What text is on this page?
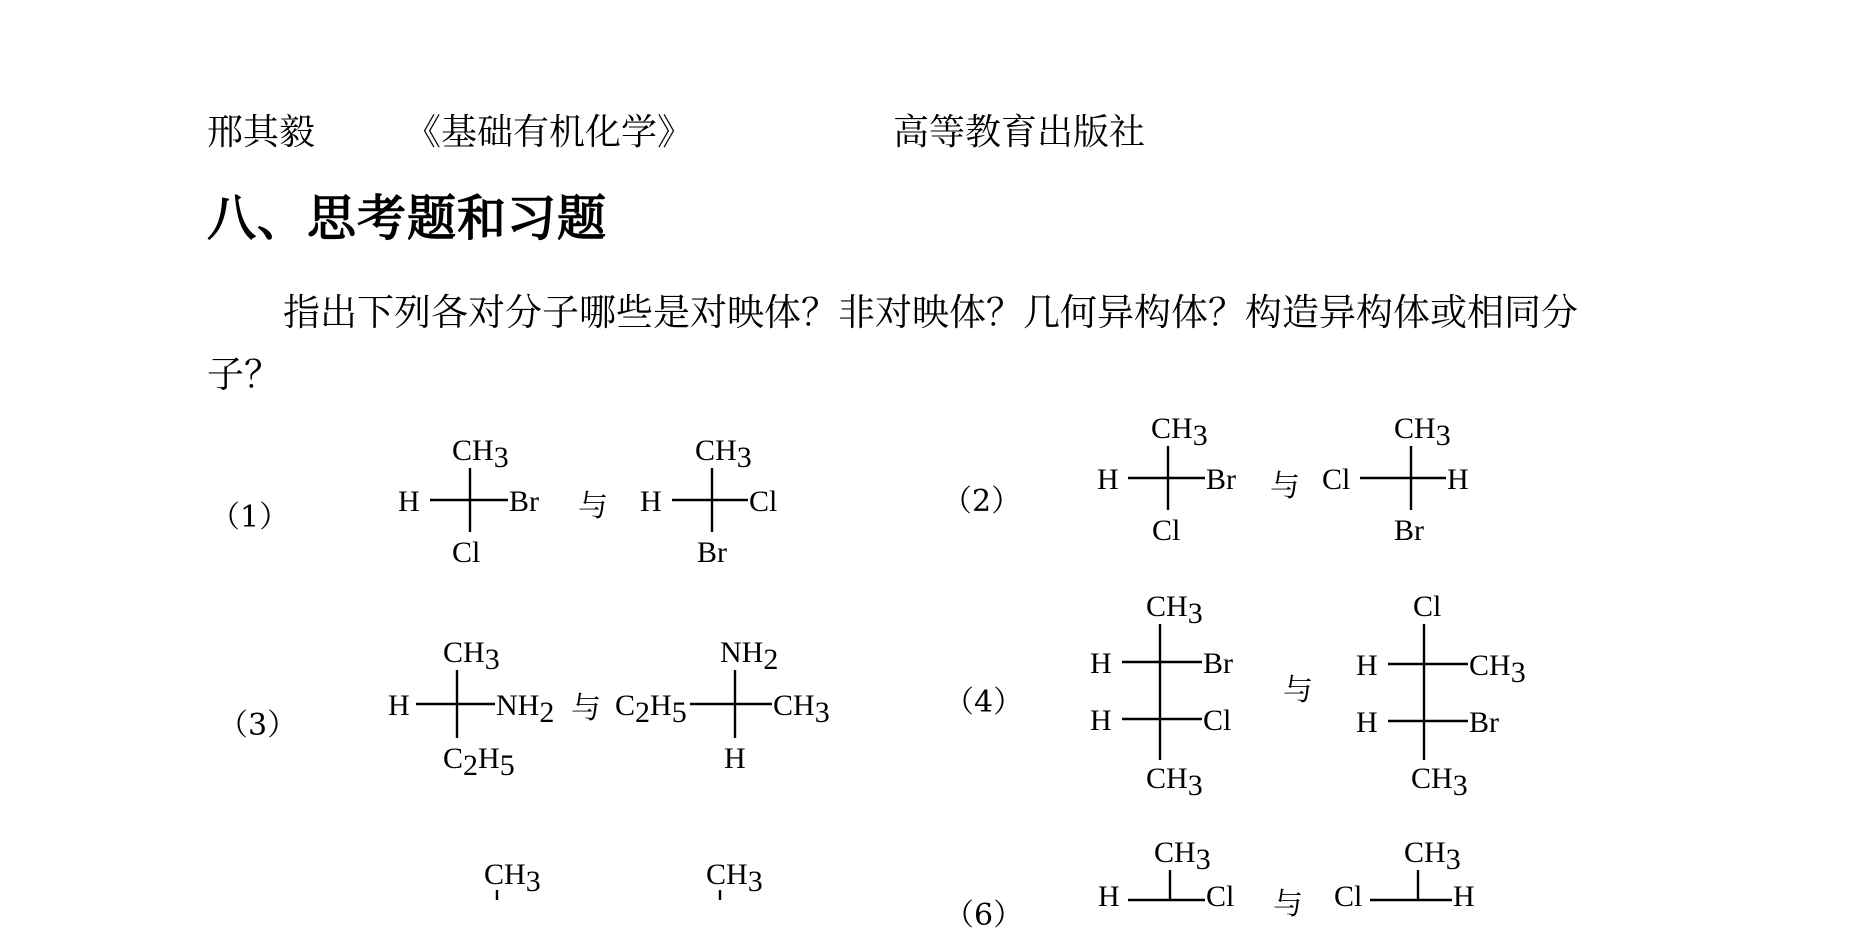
邢其毅 《基础有机化学》	高等教育出版社
八、思考题和习题
指出下列各对分子哪些是对映体？非对映体？几何异构体？构造异构体或相同分
子？
（1）	（2）
（3）
（4）
（6）
CH3
H	Br
Cl
与
CH3
H	Cl
Br
CH3
H	Br
Cl
与
CH3
Cl	H
Br
CH3
H	NH2
C2H5
与
NH2
C2H5	CH3
H
CH3
H	Br
H	Cl
CH3
与
Cl
H	CH3
H	Br
CH3
CH3	CH3
CH3
H	Cl 与
CH3
Cl	H
